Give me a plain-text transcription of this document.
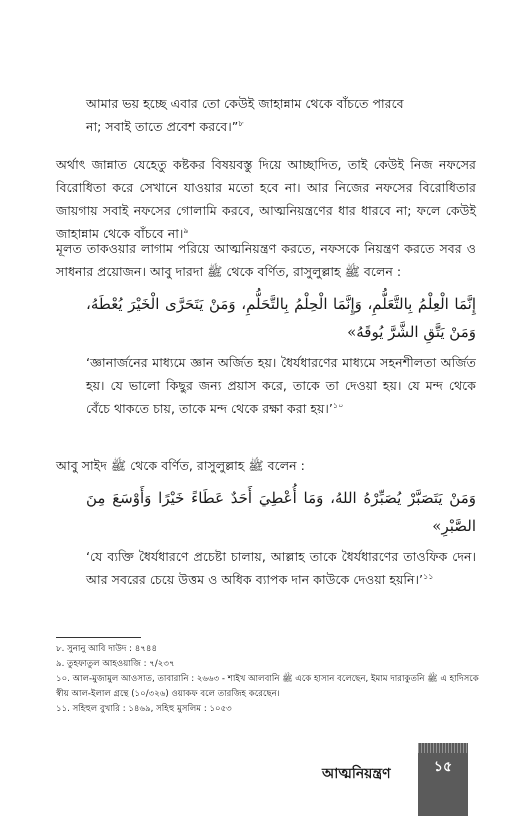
আমার ভয় হচ্ছে এবার তো কেউই জাহান্নাম থেকে বাঁচতে পারবে
না; সবাই তাতে প্রবেশ করবে।”$^৮$

অর্থাৎ জান্নাত যেহেতু কষ্টকর বিষয়বস্তু দিয়ে আচ্ছাদিত, তাই কেউই নিজ নফসের বিরোধিতা করে সেখানে যাওয়ার মতো হবে না। আর নিজের নফসের বিরোধিতার জায়গায় সবাই নফসের গোলামি করবে, আত্মনিয়ন্ত্রণের ধার ধারবে না; ফলে কেউই জাহান্নাম থেকে বাঁচবে না।$^৯$

মূলত তাকওয়ার লাগাম পরিয়ে আত্মনিয়ন্ত্রণ করতে, নফসকে নিয়ন্ত্রণ করতে সবর ও সাধনার প্রয়োজন। আবু দারদা ﷺ থেকে বর্ণিত, রাসুলুল্লাহ ﷺ বলেন :

إِنَّمَا الْعِلْمُ بِالتَّعَلُّمِ، وَإِنَّمَا الْحِلْمُ بِالتَّحَلُّمِ، وَمَنْ يَتَحَرَّى الْخَيْرَ يُعْطَهُ، وَمَنْ يَتَّقِ الشَّرَّ يُوقَهُ»

‘জ্ঞানার্জনের মাধ্যমে জ্ঞান অর্জিত হয়। ধৈর্যধারণের মাধ্যমে সহনশীলতা অর্জিত হয়। যে ভালো কিছুর জন্য প্রয়াস করে, তাকে তা দেওয়া হয়। যে মন্দ থেকে বেঁচে থাকতে চায়, তাকে মন্দ থেকে রক্ষা করা হয়।’$^{১০}$

আবু সাইদ ﷺ থেকে বর্ণিত, রাসুলুল্লাহ ﷺ বলেন :

وَمَنْ يَتَصَبَّرْ يُصَبِّرْهُ اللهُ، وَمَا أُعْطِيَ أَحَدٌ عَطَاءً خَيْرًا وَأَوْسَعَ مِنَ الصَّبْرِ»

‘যে ব্যক্তি ধৈর্যধারণে প্রচেষ্টা চালায়, আল্লাহ তাকে ধৈর্যধারণের তাওফিক দেন। আর সবরের চেয়ে উত্তম ও অধিক ব্যাপক দান কাউকে দেওয়া হয়নি।’$^{১১}$

৮. সুনানু আবি দাউদ : ৪৭৪৪

৯. তুহফাতুল আহওয়াজি : ৭/২৩৭

১০. আল-মুজামুল আওসাত, তাবারানি : ২৬৬৩ - শাইখ আলবানি ﷺ একে হাসান বলেছেন, ইমাম দারাকুতনি ﷺ এ হাদিসকে স্বীয় আল-ইলাল গ্রন্থে (১০/৩২৬) ওয়াকফ বলে তারজিহ করেছেন।

১১. সহিহুল বুখারি : ১৪৬৯, সহিহু মুসলিম : ১০৫৩

আত্মনিয়ন্ত্রণ	১৫
